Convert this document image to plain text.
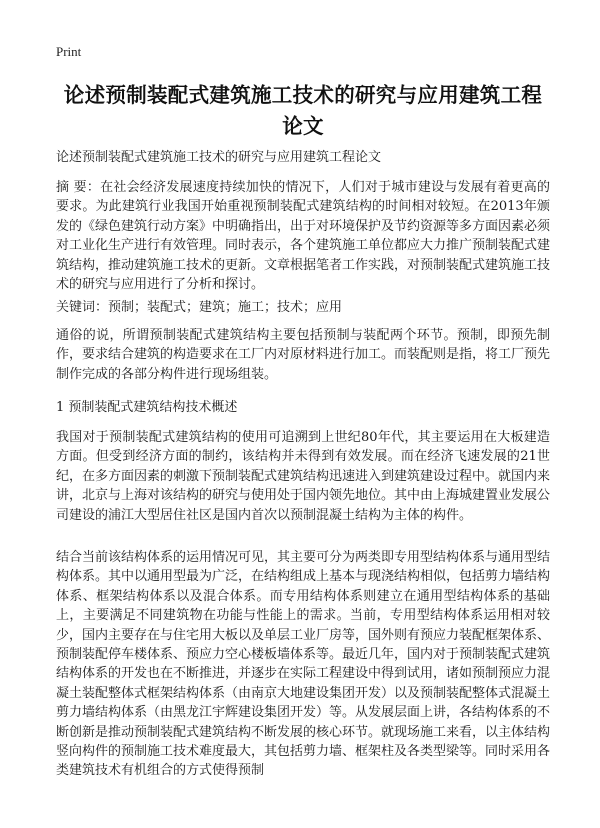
Print
论述预制装配式建筑施工技术的研究与应用建筑工程论文
论述预制装配式建筑施工技术的研究与应用建筑工程论文

摘 要：在社会经济发展速度持续加快的情况下，人们对于城市建设与发展有着更高的要求。为此建筑行业我国开始重视预制装配式建筑结构的时间相对较短。在2013年颁发的《绿色建筑行动方案》中明确指出，出于对环境保护及节约资源等多方面因素必须对工业化生产进行有效管理。同时表示，各个建筑施工单位都应大力推广预制装配式建筑结构，推动建筑施工技术的更新。文章根据笔者工作实践，对预制装配式建筑施工技术的研究与应用进行了分析和探讨。

关键词：预制；装配式；建筑；施工；技术；应用

通俗的说，所谓预制装配式建筑结构主要包括预制与装配两个环节。预制，即预先制作，要求结合建筑的构造要求在工厂内对原材料进行加工。而装配则是指，将工厂预先制作完成的各部分构件进行现场组装。

1 预制装配式建筑结构技术概述

我国对于预制装配式建筑结构的使用可追溯到上世纪80年代，其主要运用在大板建造方面。但受到经济方面的制约，该结构并未得到有效发展。而在经济飞速发展的21世纪，在多方面因素的刺激下预制装配式建筑结构迅速进入到建筑建设过程中。就国内来讲，北京与上海对该结构的研究与使用处于国内领先地位。其中由上海城建置业发展公司建设的浦江大型居住社区是国内首次以预制混凝土结构为主体的构件。

结合当前该结构体系的运用情况可见，其主要可分为两类即专用型结构体系与通用型结构体系。其中以通用型最为广泛，在结构组成上基本与现浇结构相似，包括剪力墙结构体系、框架结构体系以及混合体系。而专用结构体系则建立在通用型结构体系的基础上，主要满足不同建筑物在功能与性能上的需求。当前，专用型结构体系运用相对较少，国内主要存在与住宅用大板以及单层工业厂房等，国外则有预应力装配框架体系、预制装配停车楼体系、预应力空心楼板墙体系等。最近几年，国内对于预制装配式建筑结构体系的开发也在不断推进，并逐步在实际工程建设中得到试用，诸如预制预应力混凝土装配整体式框架结构体系（由南京大地建设集团开发）以及预制装配整体式混凝土剪力墙结构体系（由黑龙江宇辉建设集团开发）等。从发展层面上讲，各结构体系的不断创新是推动预制装配式建筑结构不断发展的核心环节。就现场施工来看，以主体结构竖向构件的预制施工技术难度最大，其包括剪力墙、框架柱及各类型梁等。同时采用各类建筑技术有机组合的方式使得预制
